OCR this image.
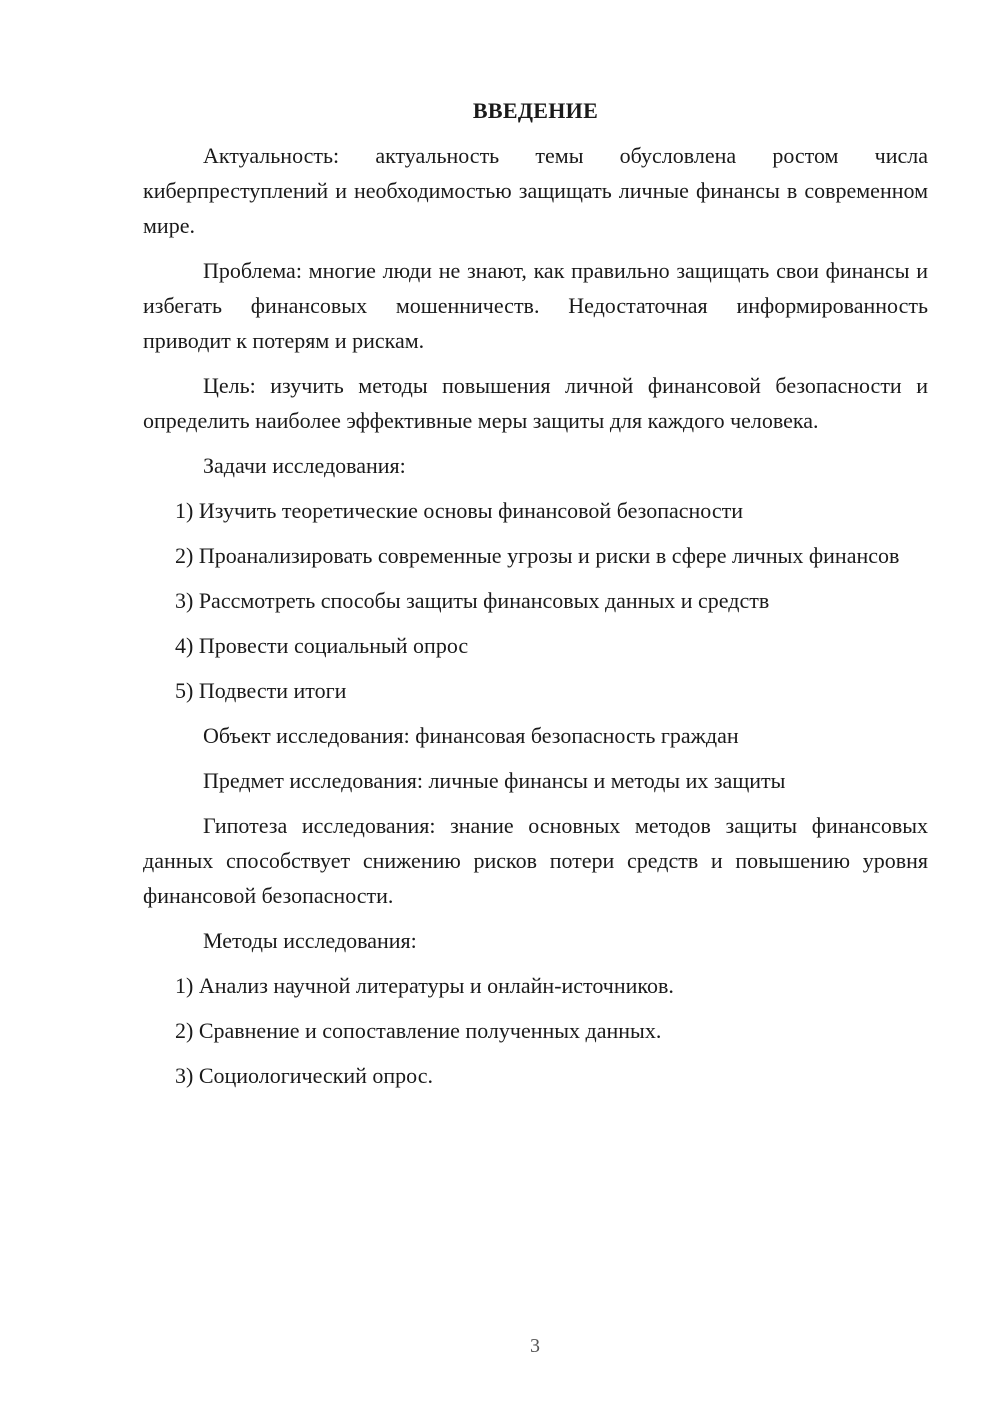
ВВЕДЕНИЕ

Актуальность: актуальность темы обусловлена ростом числа киберпреступлений и необходимостью защищать личные финансы в современном мире.

Проблема: многие люди не знают, как правильно защищать свои финансы и избегать финансовых мошенничеств. Недостаточная информированность приводит к потерям и рискам.

Цель: изучить методы повышения личной финансовой безопасности и определить наиболее эффективные меры защиты для каждого человека.

Задачи исследования:

1) Изучить теоретические основы финансовой безопасности

2) Проанализировать современные угрозы и риски в сфере личных финансов

3) Рассмотреть способы защиты финансовых данных и средств

4) Провести социальный опрос

5) Подвести итоги

Объект исследования: финансовая безопасность граждан

Предмет исследования: личные финансы и методы их защиты

Гипотеза исследования: знание основных методов защиты финансовых данных способствует снижению рисков потери средств и повышению уровня финансовой безопасности.

Методы исследования:

1) Анализ научной литературы и онлайн-источников.

2) Сравнение и сопоставление полученных данных.

3) Социологический опрос.

3
